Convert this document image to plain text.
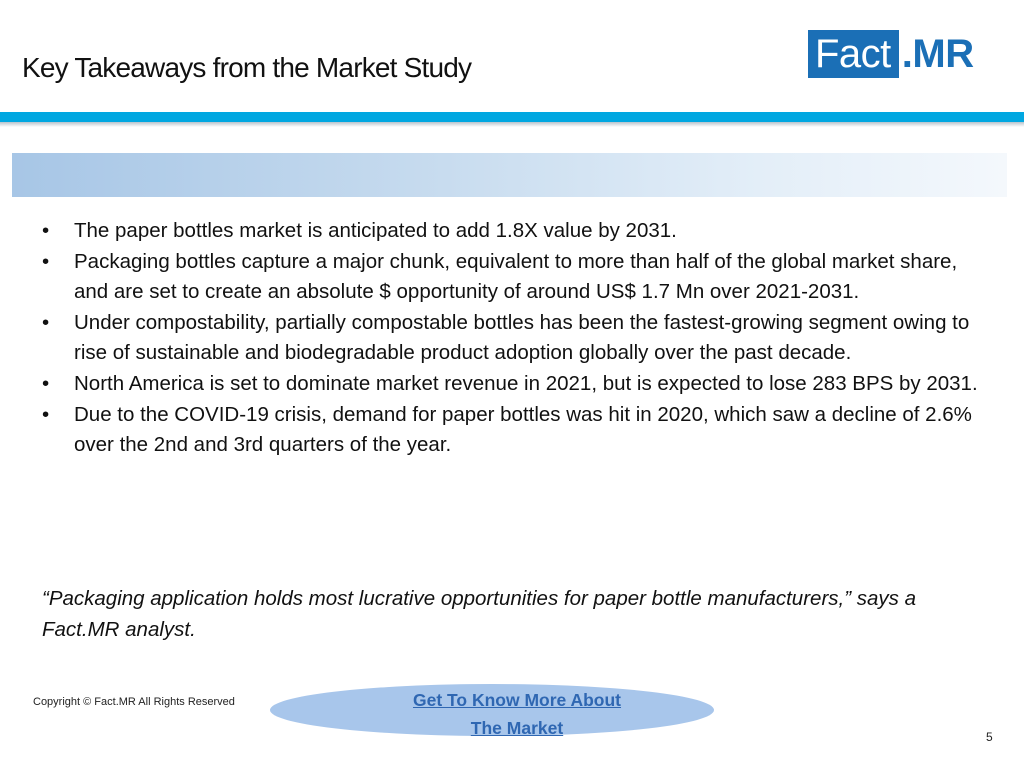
Key Takeaways from the Market Study	Fact .MR
• The paper bottles market is anticipated to add 1.8X value by 2031.
• Packaging bottles capture a major chunk, equivalent to more than half of the global market share, and are set to create an absolute $ opportunity of around US$ 1.7 Mn over 2021-2031.
• Under compostability, partially compostable bottles has been the fastest-growing segment owing to rise of sustainable and biodegradable product adoption globally over the past decade.
• North America is set to dominate market revenue in 2021, but is expected to lose 283 BPS by 2031.
• Due to the COVID-19 crisis, demand for paper bottles was hit in 2020, which saw a decline of 2.6% over the 2nd and 3rd quarters of the year.

“Packaging application holds most lucrative opportunities for paper bottle manufacturers,” says a Fact.MR analyst.

Copyright © Fact.MR All Rights Reserved	Get To Know More About
The Market	5
